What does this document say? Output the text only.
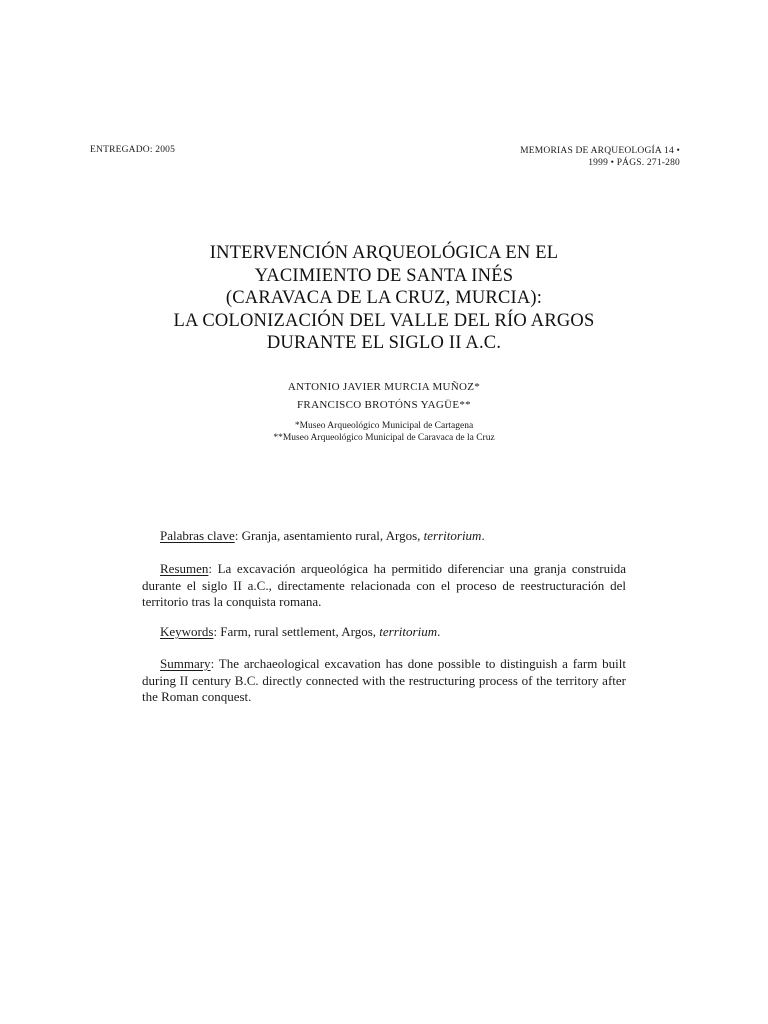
ENTREGADO: 2005	MEMORIAS DE ARQUEOLOGÍA 14 •
1999 • PÁGS. 271-280
INTERVENCIÓN ARQUEOLÓGICA EN EL
YACIMIENTO DE SANTA INÉS
(CARAVACA DE LA CRUZ, MURCIA):
LA COLONIZACIÓN DEL VALLE DEL RÍO ARGOS
DURANTE EL SIGLO II A.C.
ANTONIO JAVIER MURCIA MUÑOZ*
FRANCISCO BROTÓNS YAGÜE**
*Museo Arqueológico Municipal de Cartagena
**Museo Arqueológico Municipal de Caravaca de la Cruz
Palabras clave: Granja, asentamiento rural, Argos, territorium.
Resumen: La excavación arqueológica ha permitido diferenciar una granja construida durante el siglo II a.C., directamente relacionada con el proceso de reestructuración del territorio tras la conquista romana.
Keywords: Farm, rural settlement, Argos, territorium.
Summary: The archaeological excavation has done possible to distinguish a farm built during II century B.C. directly connected with the restructuring process of the territory after the Roman conquest.
